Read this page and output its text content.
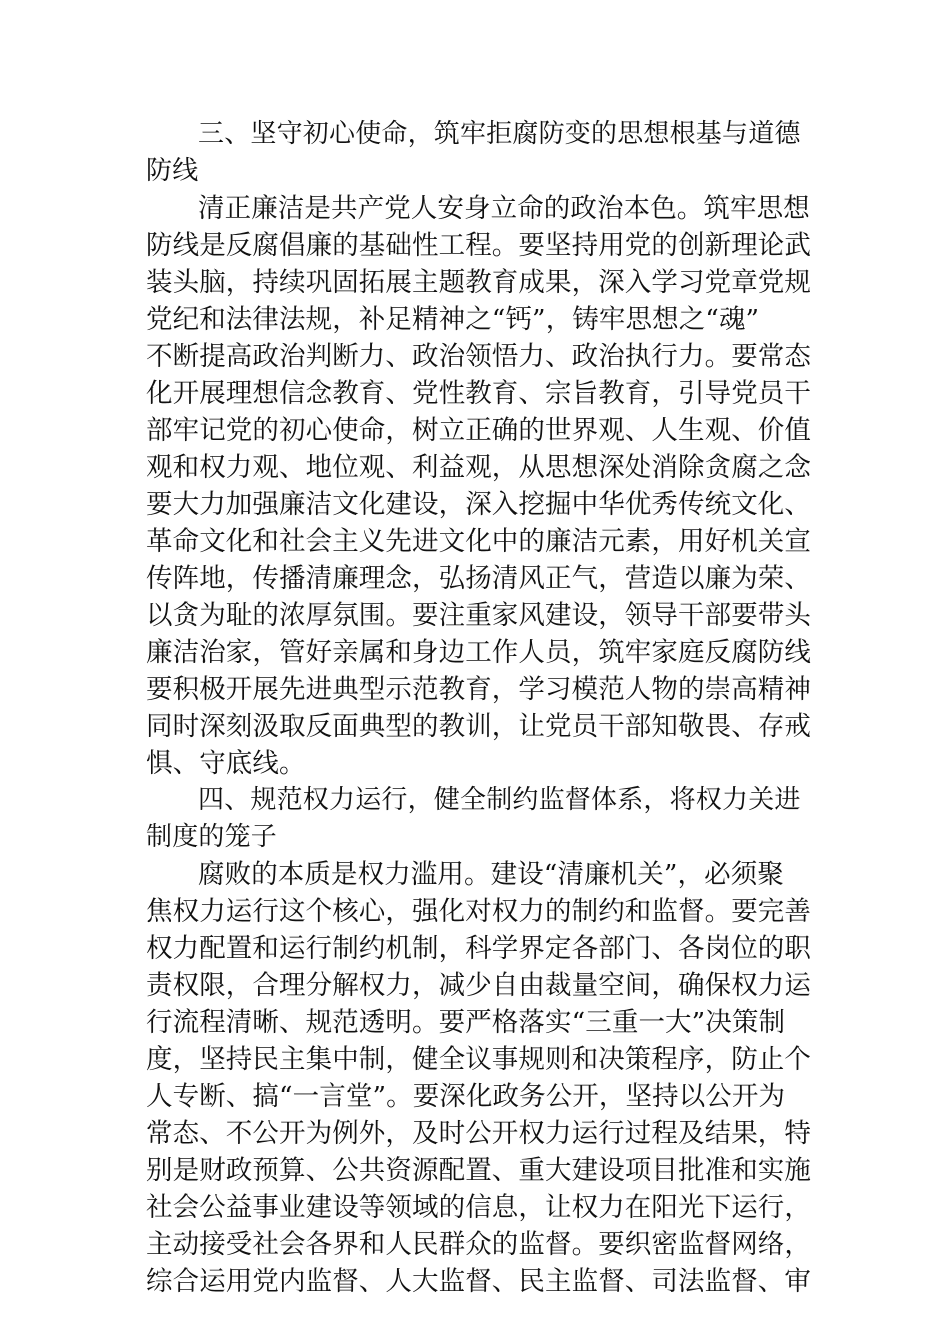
三、坚守初心使命，筑牢拒腐防变的思想根基与道德
防线
清正廉洁是共产党人安身立命的政治本色。筑牢思想
防线是反腐倡廉的基础性工程。要坚持用党的创新理论武
装头脑，持续巩固拓展主题教育成果，深入学习党章党规
党纪和法律法规，补足精神之“钙”，铸牢思想之“魂”
不断提高政治判断力、政治领悟力、政治执行力。要常态
化开展理想信念教育、党性教育、宗旨教育，引导党员干
部牢记党的初心使命，树立正确的世界观、人生观、价值
观和权力观、地位观、利益观，从思想深处消除贪腐之念
要大力加强廉洁文化建设，深入挖掘中华优秀传统文化、
革命文化和社会主义先进文化中的廉洁元素，用好机关宣
传阵地，传播清廉理念，弘扬清风正气，营造以廉为荣、
以贪为耻的浓厚氛围。要注重家风建设，领导干部要带头
廉洁治家，管好亲属和身边工作人员，筑牢家庭反腐防线
要积极开展先进典型示范教育，学习模范人物的崇高精神
同时深刻汲取反面典型的教训，让党员干部知敬畏、存戒
惧、守底线。
四、规范权力运行，健全制约监督体系，将权力关进
制度的笼子
腐败的本质是权力滥用。建设“清廉机关”，必须聚
焦权力运行这个核心，强化对权力的制约和监督。要完善
权力配置和运行制约机制，科学界定各部门、各岗位的职
责权限，合理分解权力，减少自由裁量空间，确保权力运
行流程清晰、规范透明。要严格落实“三重一大”决策制
度，坚持民主集中制，健全议事规则和决策程序，防止个
人专断、搞“一言堂”。要深化政务公开，坚持以公开为
常态、不公开为例外，及时公开权力运行过程及结果，特
别是财政预算、公共资源配置、重大建设项目批准和实施
社会公益事业建设等领域的信息，让权力在阳光下运行，
主动接受社会各界和人民群众的监督。要织密监督网络，
综合运用党内监督、人大监督、民主监督、司法监督、审
